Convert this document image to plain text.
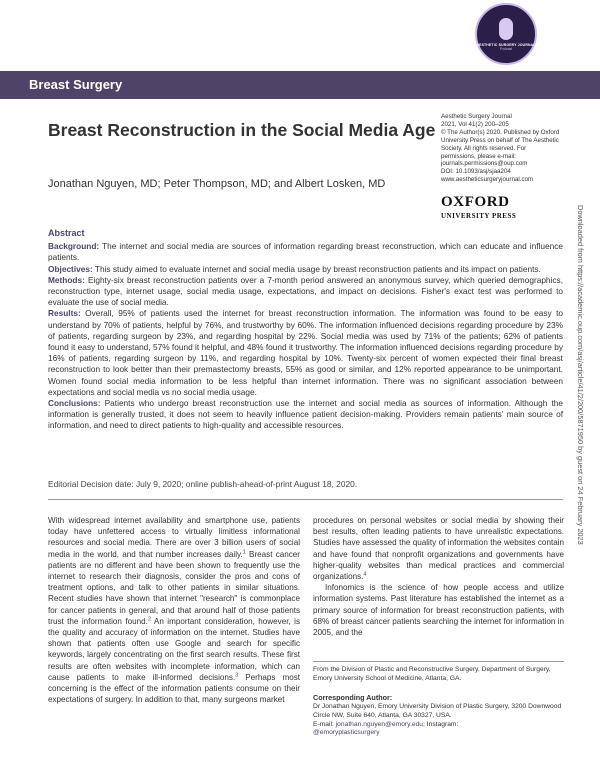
AESTHETIC SURGERY JOURNAL
Podcast
Breast Surgery
Breast Reconstruction in the Social Media Age
Jonathan Nguyen, MD; Peter Thompson, MD; and Albert Losken, MD
Aesthetic Surgery Journal
2021, Vol 41(2) 200–205
© The Author(s) 2020. Published by Oxford University Press on behalf of The Aesthetic Society. All rights reserved. For permissions, please e-mail: journals.permissions@oup.com
DOI: 10.1093/asj/sjaa204
www.aestheticsurgeryjournal.com
OXFORD
UNIVERSITY PRESS	Downloaded from https://academic.oup.com/asj/article/41/2/200/5871950 by guest on 24 February 2023
Abstract

Background: The internet and social media are sources of information regarding breast reconstruction, which can educate and influence patients.

Objectives: This study aimed to evaluate internet and social media usage by breast reconstruction patients and its impact on patients.

Methods: Eighty-six breast reconstruction patients over a 7-month period answered an anonymous survey, which queried demographics, reconstruction type, internet usage, social media usage, expectations, and impact on decisions. Fisher's exact test was performed to evaluate the use of social media.

Results: Overall, 95% of patients used the internet for breast reconstruction information. The information was found to be easy to understand by 70% of patients, helpful by 76%, and trustworthy by 60%. The information influenced decisions regarding procedure by 23% of patients, regarding surgeon by 23%, and regarding hospital by 22%. Social media was used by 71% of the patients; 62% of patients found it easy to understand, 57% found it helpful, and 48% found it trustworthy. The information influenced decisions regarding procedure by 16% of patients, regarding surgeon by 11%, and regarding hospital by 10%. Twenty-six percent of women expected their final breast reconstruction to look better than their premastectomy breasts, 55% as good or similar, and 12% reported appearance to be unimportant. Women found social media information to be less helpful than internet information. There was no significant association between expectations and social media vs no social media usage.

Conclusions: Patients who undergo breast reconstruction use the internet and social media as sources of information. Although the information is generally trusted, it does not seem to heavily influence patient decision-making. Providers remain patients' main source of information, and need to direct patients to high-quality and accessible resources.

Editorial Decision date: July 9, 2020; online publish-ahead-of-print August 18, 2020.
With widespread internet availability and smartphone use, patients today have unfettered access to virtually limitless informational resources and social media. There are over 3 billion users of social media in the world, and that number increases daily.$^1$ Breast cancer patients are no different and have been shown to frequently use the internet to research their diagnosis, consider the pros and cons of treatment options, and talk to other patients in similar situations. Recent studies have shown that internet "research" is commonplace for cancer patients in general, and that around half of those patients trust the information found.$^2$ An important consideration, however, is the quality and accuracy of information on the internet. Studies have shown that patients often use Google and search for specific keywords, largely concentrating on the first search results. These first results are often websites with incomplete information, which can cause patients to make ill-informed decisions.$^3$ Perhaps most concerning is the effect of the information patients consume on their expectations of surgery. In addition to that, many surgeons market

procedures on personal websites or social media by showing their best results, often leading patients to have unrealistic expectations. Studies have assessed the quality of information the websites contain and have found that nonprofit organizations and governments have higher-quality websites than medical practices and commercial organizations.$^4$

Infonomics is the science of how people access and utilize information systems. Past literature has established the internet as a primary source of information for breast reconstruction patients, with 68% of breast cancer patients searching the internet for information in 2005, and the

From the Division of Plastic and Reconstructive Surgery, Department of Surgery, Emory University School of Medicine, Atlanta, GA.
Corresponding Author:
Dr Jonathan Nguyen, Emory University Division of Plastic Surgery, 3200 Downwood Circle NW, Suite 640, Atlanta, GA 30327, USA.
E-mail: jonathan.nguyen@emory.edu; Instagram:
@emoryplasticsurgery
